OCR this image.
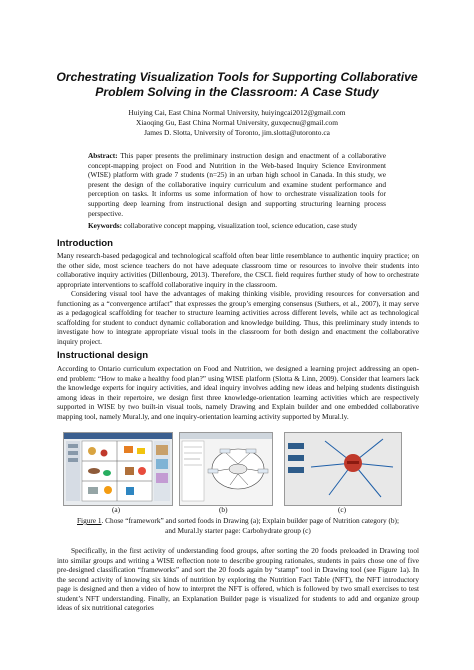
Orchestrating Visualization Tools for Supporting Collaborative Problem Solving in the Classroom: A Case Study
Huiying Cai, East China Normal University, huiyingcai2012@gmail.com
Xiaoqing Gu, East China Normal University, guxqecnu@gmail.com
James D. Slotta, University of Toronto, jim.slotta@utoronto.ca
Abstract: This paper presents the preliminary instruction design and enactment of a collaborative concept-mapping project on Food and Nutrition in the Web-based Inquiry Science Environment (WISE) platform with grade 7 students (n=25) in an urban high school in Canada. In this study, we present the design of the collaborative inquiry curriculum and examine student performance and perception on tasks. It informs us some information of how to orchestrate visualization tools for supporting deep learning from instructional design and supporting structuring learning process perspective.
Keywords: collaborative concept mapping, visualization tool, science education, case study
Introduction

Many research-based pedagogical and technological scaffold often bear little resemblance to authentic inquiry practice; on the other side, most science teachers do not have adequate classroom time or resources to involve their students into collaborative inquiry activities (Dillenbourg, 2013). Therefore, the CSCL field requires further study of how to orchestrate appropriate interventions to scaffold collaborative inquiry in the classroom.

Considering visual tool have the advantages of making thinking visible, providing resources for conversation and functioning as a “convergence artifact” that expresses the group’s emerging consensus (Suthers, et al., 2007), it may serve as a pedagogical scaffolding for teacher to structure learning activities across different levels, while act as technological scaffolding for student to conduct dynamic collaboration and knowledge building. Thus, this preliminary study intends to investigate how to integrate appropriate visual tools in the classroom for both design and enactment the collaborative inquiry project.

Instructional design

According to Ontario curriculum expectation on Food and Nutrition, we designed a learning project addressing an open-end problem: “How to make a healthy food plan?” using WISE platform (Slotta & Linn, 2009). Consider that learners lack the knowledge experts for inquiry activities, and ideal inquiry involves adding new ideas and helping students distinguish among ideas in their repertoire, we design first three knowledge-orientation learning activities which are respectively supported in WISE by two built-in visual tools, namely Drawing and Explain builder and one embedded collaborative mapping tool, namely Mural.ly, and one inquiry-orientation learning activity supported by Mural.ly.

(a)	(b)	(c)
Figure 1. Chose “framework” and sorted foods in Drawing (a); Explain builder page of Nutrition category (b);
and Mural.ly starter page: Carbohydrate group (c)

Specifically, in the first activity of understanding food groups, after sorting the 20 foods preloaded in Drawing tool into similar groups and writing a WISE reflection note to describe grouping rationales, students in pairs chose one of five pre-designed classification “frameworks” and sort the 20 foods again by “stamp” tool in Drawing tool (see Figure 1a). In the second activity of knowing six kinds of nutrition by exploring the Nutrition Fact Table (NFT), the NFT introductory page is designed and then a video of how to interpret the NFT is offered, which is followed by two small exercises to test student’s NFT understanding. Finally, an Explanation Builder page is visualized for students to add and organize group ideas of six nutritional categories
